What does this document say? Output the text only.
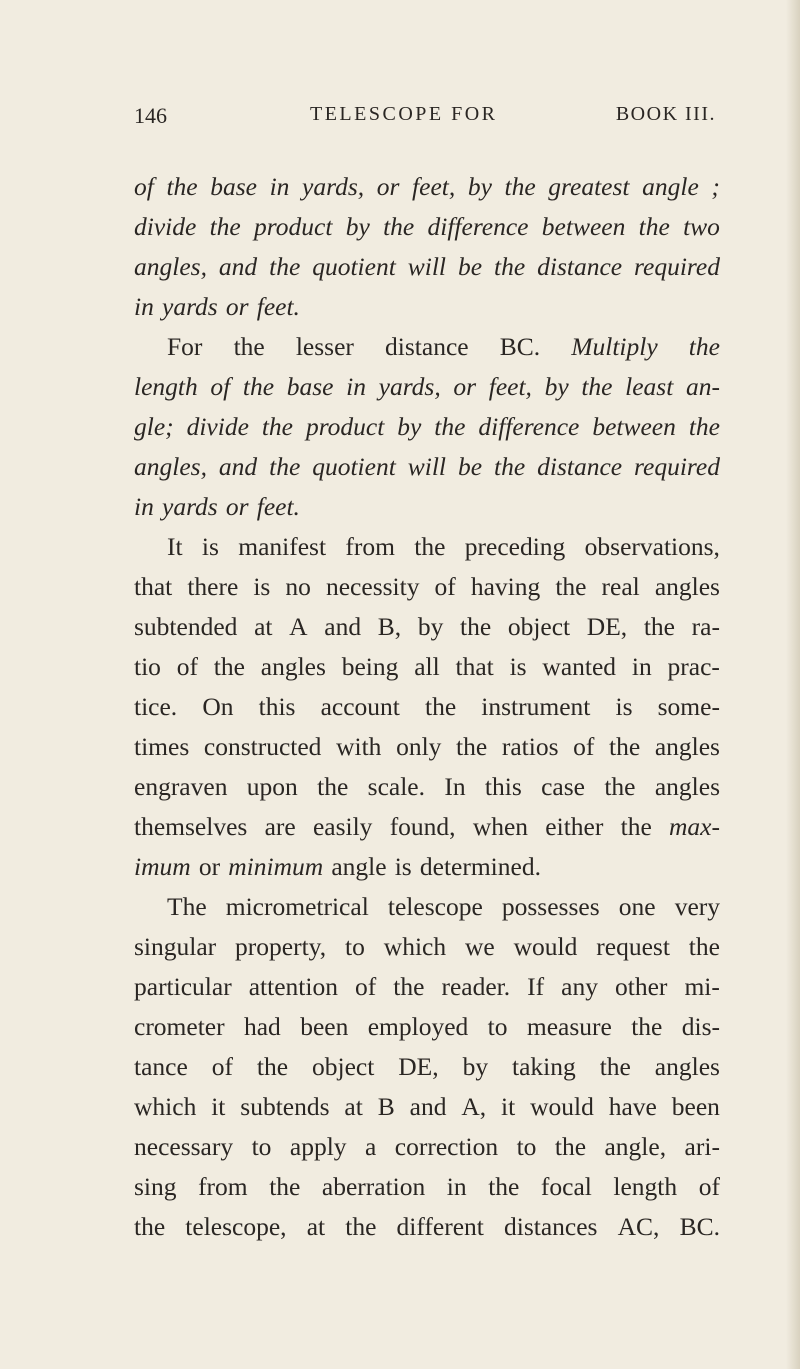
146	TELESCOPE FOR	BOOK III.
of the base in yards, or feet, by the greatest angle ;
divide the product by the difference between the two
angles, and the quotient will be the distance required
in yards or feet.
For the lesser distance BC. Multiply the
length of the base in yards, or feet, by the least an-
gle; divide the product by the difference between the
angles, and the quotient will be the distance required
in yards or feet.
It is manifest from the preceding observations,
that there is no necessity of having the real angles
subtended at A and B, by the object DE, the ra-
tio of the angles being all that is wanted in prac-
tice. On this account the instrument is some-
times constructed with only the ratios of the angles
engraven upon the scale. In this case the angles
themselves are easily found, when either the max-
imum or minimum angle is determined.
The micrometrical telescope possesses one very
singular property, to which we would request the
particular attention of the reader. If any other mi-
crometer had been employed to measure the dis-
tance of the object DE, by taking the angles
which it subtends at B and A, it would have been
necessary to apply a correction to the angle, ari-
sing from the aberration in the focal length of
the telescope, at the different distances AC, BC.
